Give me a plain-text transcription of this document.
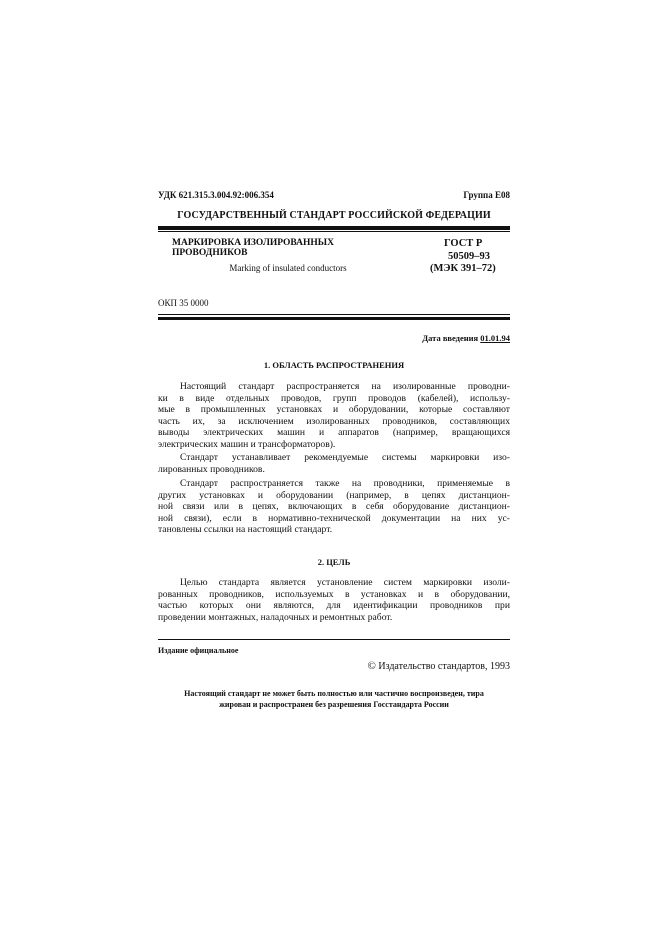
УДК 621.315.3.004.92:006.354	Группа Е08
ГОСУДАРСТВЕННЫЙ СТАНДАРТ РОССИЙСКОЙ ФЕДЕРАЦИИ
МАРКИРОВКА ИЗОЛИРОВАННЫХ ПРОВОДНИКОВ
Marking of insulated conductors
ГОСТ Р
50509–93
(МЭК 391–72)
ОКП 35 0000
Дата введения 01.01.94
1. ОБЛАСТЬ РАСПРОСТРАНЕНИЯ
Настоящий стандарт распространяется на изолированные проводни-
ки в виде отдельных проводов, групп проводов (кабелей), использу-
мые в промышленных установках и оборудовании, которые составляют
часть их, за исключением изолированных проводников, составляющих
выводы электрических машин и аппаратов (например, вращающихся
электрических машин и трансформаторов).
Стандарт устанавливает рекомендуемые системы маркировки изо-
лированных проводников.
Стандарт распространяется также на проводники, применяемые в
других установках и оборудовании (например, в цепях дистанцион-
ной связи или в цепях, включающих в себя оборудование дистанцион-
ной связи), если в нормативно-технической документации на них ус-
тановлены ссылки на настоящий стандарт.
2. ЦЕЛЬ
Целью стандарта является установление систем маркировки изоли-
рованных проводников, используемых в установках и в оборудовании,
частью которых они являются, для идентификации проводников при
проведении монтажных, наладочных и ремонтных работ.
Издание официальное
© Издательство стандартов, 1993
Настоящий стандарт не может быть полностью или частично воспроизведен, тира
жирован и распространен без разрешения Госстандарта России
